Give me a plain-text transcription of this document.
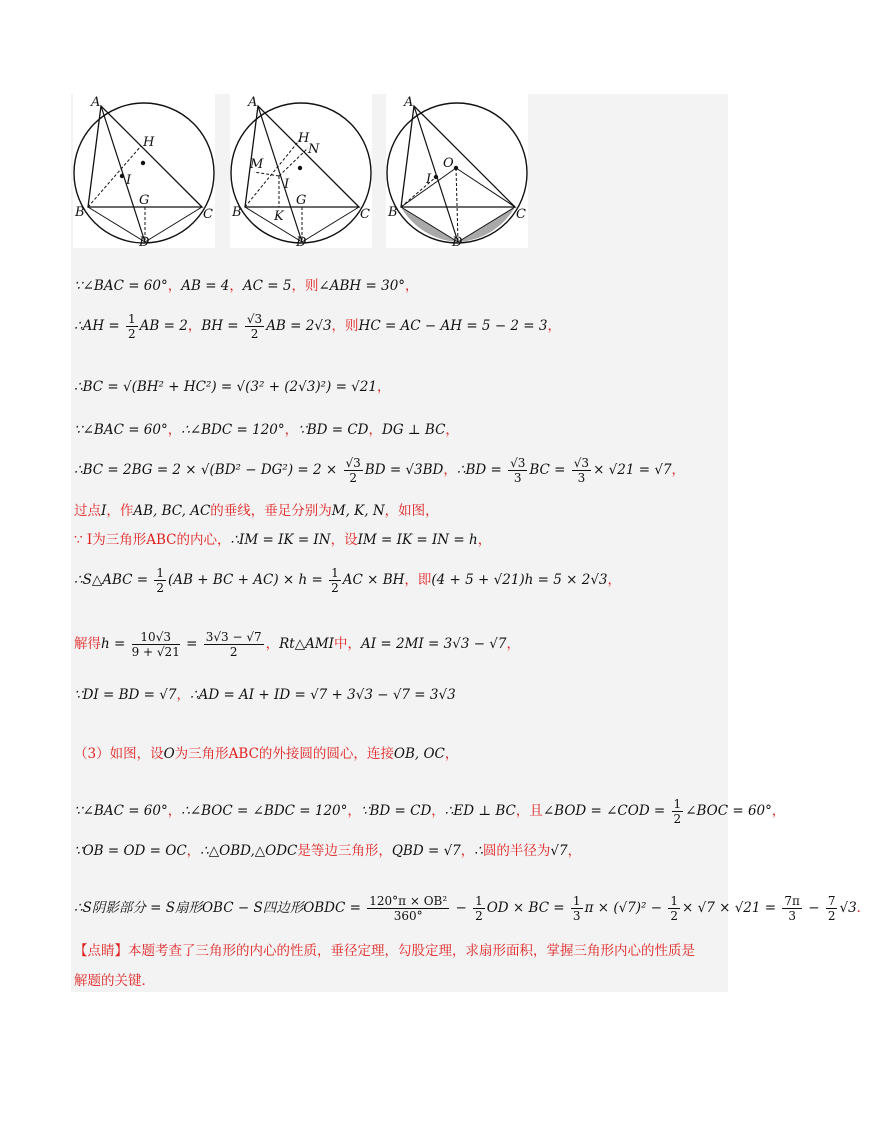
A
H
I
B
G
C
D
A
H
N
M
I
B K
G
C
D
A
O
I
B	C
D
∵∠BAC = 60°，AB = 4，AC = 5，则∠ABH = 30°，
∴AH = $\frac{1}{2}$ AB = 2，BH = $\frac{√3}{2}$ AB = 2√3，则HC = AC − AH = 5 − 2 = 3，
∴BC = √(BH² + HC²) = √(3² + (2√3)²) = √21，
∵∠BAC = 60°，∴∠BDC = 120°，∵BD = CD，DG ⊥ BC，
∴BC = $2BG = 2 \times √(BD^2 - DG^2) = 2 \times \frac{√3}{2}$ BD = √3BD，∴BD = $\frac{√3}{3}$ BC = $\frac{√3}{3} \times √21 = √7$，
过点I，作AB, BC, AC的垂线，垂足分别为M, K, N，如图，
∵ I为三角形ABC的内心，∴IM = IK = IN，设IM = IK = IN = h，
∴S△ABC = $\frac{1}{2} (AB$ + BC + $AC) \times h = \frac{1}{2}$ AC × BH，即(4 + 5 + √21)h = 5 × 2√3，
解得$h = \frac{10√3}{9 + √21} = \frac{3√3 - √7}{2}$ ，Rt△AMI中，AI = 2MI = 3√3 − √7，
∵DI = BD = √7，∴AD = AI + ID = √7 + 3√3 − √7 = 3√3
（3）如图，设O为三角形ABC的外接圆的圆心，连接OB, OC，
∵∠BAC = 60°，∴∠BOC = ∠BDC = 120°，∵BD = CD，∴ED ⊥ BC，且∠BOD = ∠COD = $\frac{1}{2}$ ∠BOC = 60°，
∵OB = OD = OC，∴△OBD,△ODC是等边三角形，QBD = √7，∴圆的半径为√7，
∴S阴影部分 = S扇形OBC − S四边形OBDC = $\frac{\text{120°π × OB²}}{360^\circ} - \frac{1}{2}$ OD × BC = $\frac{1}{3}$ $\pi \times (√7)^2 - \frac{1}{2} \times √7 \times √21 = \frac{7\pi}{3} - \frac{7}{2} √3$．
【点睛】本题考查了三角形的内心的性质，垂径定理，勾股定理，求扇形面积，掌握三角形内心的性质是
解题的关键．
